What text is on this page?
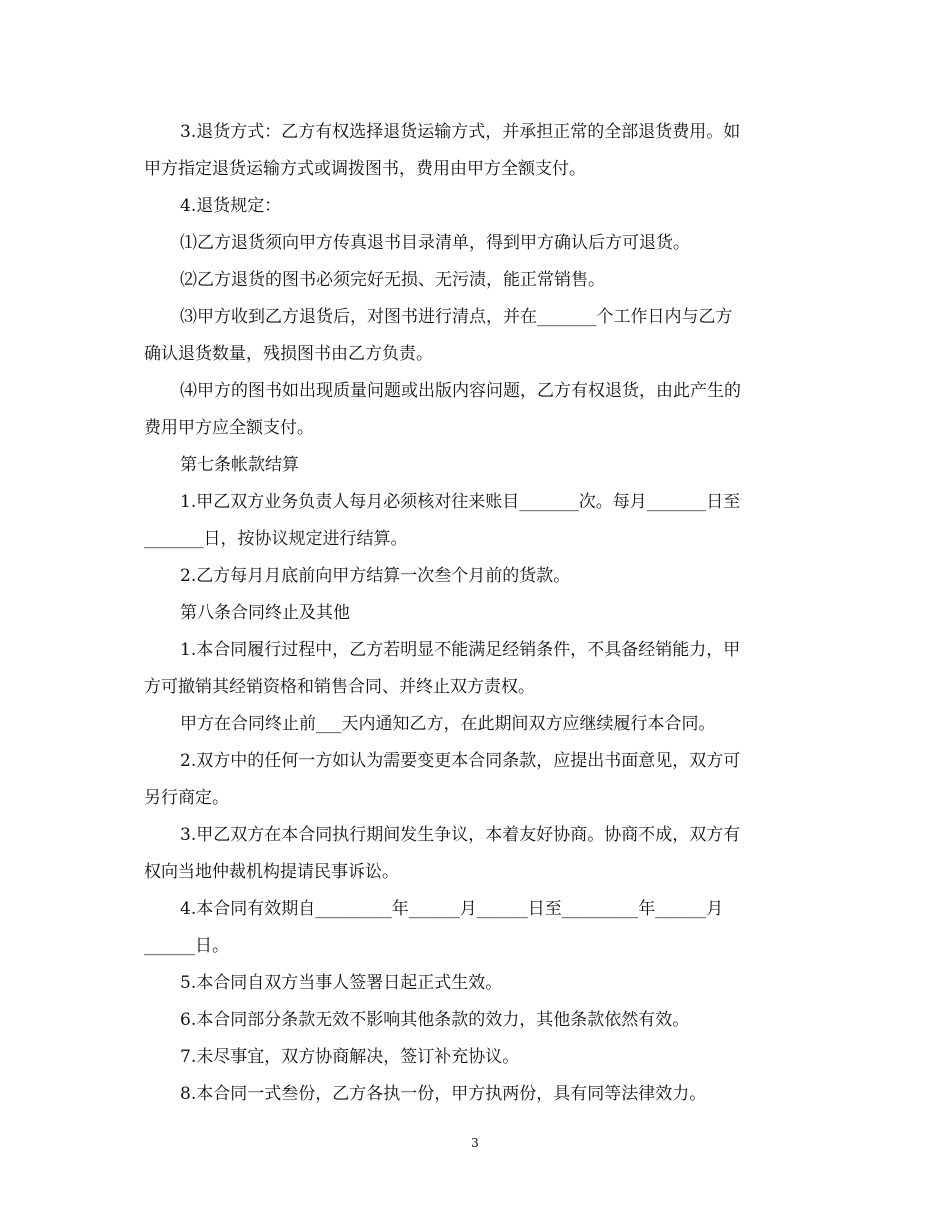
3.退货方式：乙方有权选择退货运输方式，并承担正常的全部退货费用。如
甲方指定退货运输方式或调拨图书，费用由甲方全额支付。

4.退货规定：

⑴乙方退货须向甲方传真退书目录清单，得到甲方确认后方可退货。

⑵乙方退货的图书必须完好无损、无污渍，能正常销售。

⑶甲方收到乙方退货后，对图书进行清点，并在_______个工作日内与乙方
确认退货数量，残损图书由乙方负责。

⑷甲方的图书如出现质量问题或出版内容问题，乙方有权退货，由此产生的
费用甲方应全额支付。

第七条帐款结算

1.甲乙双方业务负责人每月必须核对往来账目_______次。每月_______日至
_______日，按协议规定进行结算。

2.乙方每月月底前向甲方结算一次叁个月前的货款。

第八条合同终止及其他

1.本合同履行过程中，乙方若明显不能满足经销条件，不具备经销能力，甲
方可撤销其经销资格和销售合同、并终止双方责权。

甲方在合同终止前___天内通知乙方，在此期间双方应继续履行本合同。

2.双方中的任何一方如认为需要变更本合同条款，应提出书面意见，双方可
另行商定。

3.甲乙双方在本合同执行期间发生争议，本着友好协商。协商不成，双方有
权向当地仲裁机构提请民事诉讼。

4.本合同有效期自_________年______月______日至_________年______月
______日。

5.本合同自双方当事人签署日起正式生效。

6.本合同部分条款无效不影响其他条款的效力，其他条款依然有效。

7.未尽事宜，双方协商解决，签订补充协议。

8.本合同一式叁份，乙方各执一份，甲方执两份，具有同等法律效力。

3
